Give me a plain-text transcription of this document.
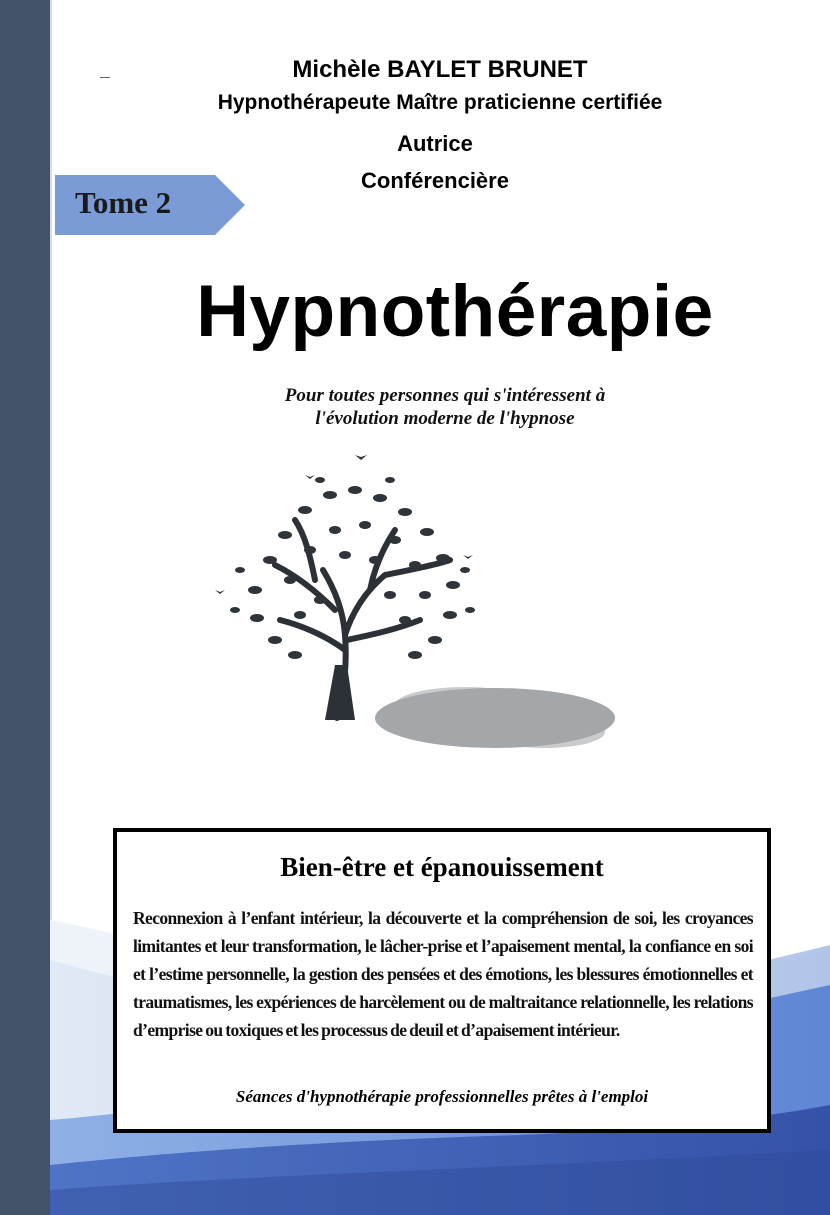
Michèle BAYLET BRUNET
Hypnothérapeute Maître praticienne certifiée
Autrice
Conférencière
Tome 2
Hypnothérapie
Pour toutes personnes qui s'intéressent à
l'évolution moderne de l'hypnose
Bien-être et épanouissement
Reconnexion à l’enfant intérieur, la découverte et la compréhension de soi, les croyances limitantes et leur transformation, le lâcher-prise et l’apaisement mental, la confiance en soi et l’estime personnelle, la gestion des pensées et des émotions, les blessures émotionnelles et traumatismes, les expériences de harcèlement ou de maltraitance relationnelle, les relations d’emprise ou toxiques et les processus de deuil et d’apaisement intérieur.
Séances d'hypnothérapie professionnelles prêtes à l'emploi
